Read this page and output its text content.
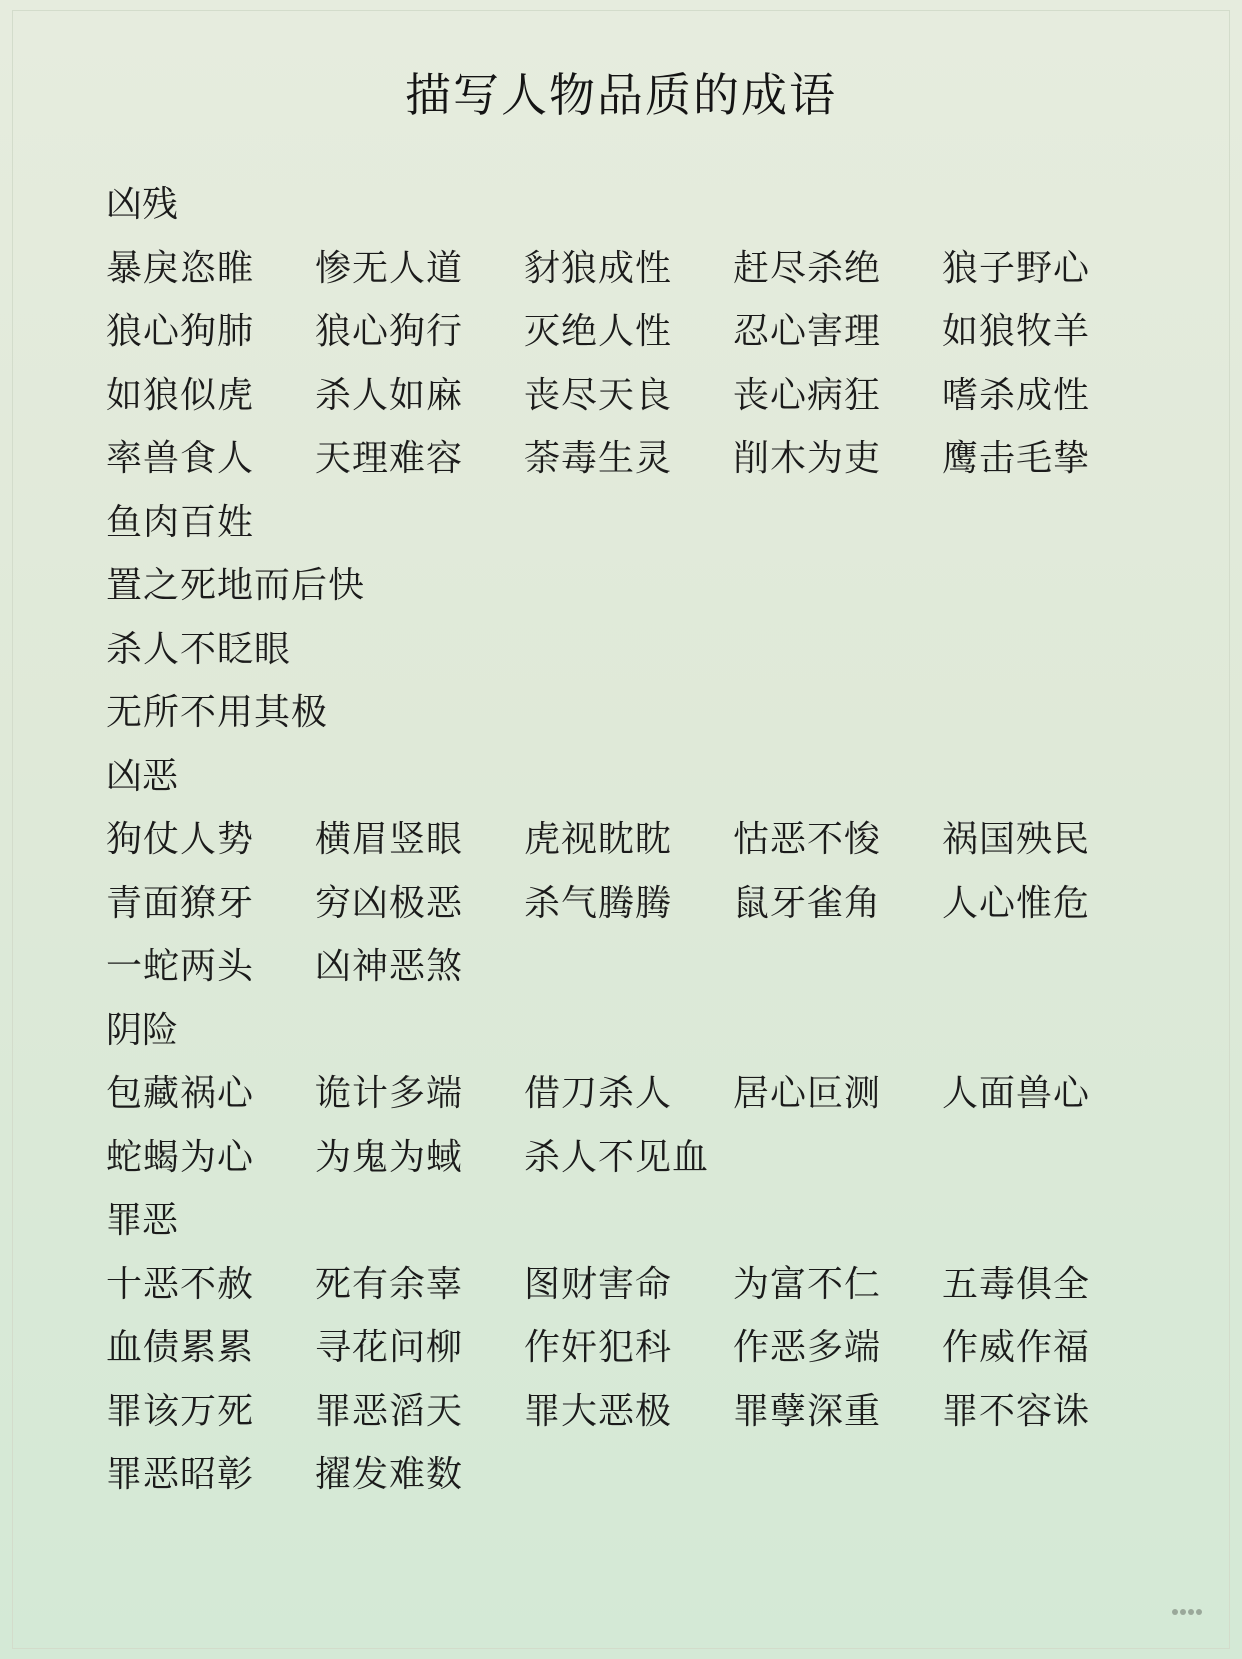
描写人物品质的成语
凶残
暴戾恣睢 惨无人道 豺狼成性 赶尽杀绝 狼子野心
狼心狗肺 狼心狗行 灭绝人性 忍心害理 如狼牧羊
如狼似虎 杀人如麻 丧尽天良 丧心病狂 嗜杀成性
率兽食人 天理难容 荼毒生灵 削木为吏 鹰击毛挚
鱼肉百姓
置之死地而后快
杀人不眨眼
无所不用其极
凶恶
狗仗人势 横眉竖眼 虎视眈眈 怙恶不悛 祸国殃民
青面獠牙 穷凶极恶 杀气腾腾 鼠牙雀角 人心惟危
一蛇两头 凶神恶煞
阴险
包藏祸心 诡计多端 借刀杀人 居心叵测 人面兽心
蛇蝎为心 为鬼为蜮 杀人不见血
罪恶
十恶不赦 死有余辜 图财害命 为富不仁 五毒俱全
血债累累 寻花问柳 作奸犯科 作恶多端 作威作福
罪该万死 罪恶滔天 罪大恶极 罪孽深重 罪不容诛
罪恶昭彰 擢发难数
